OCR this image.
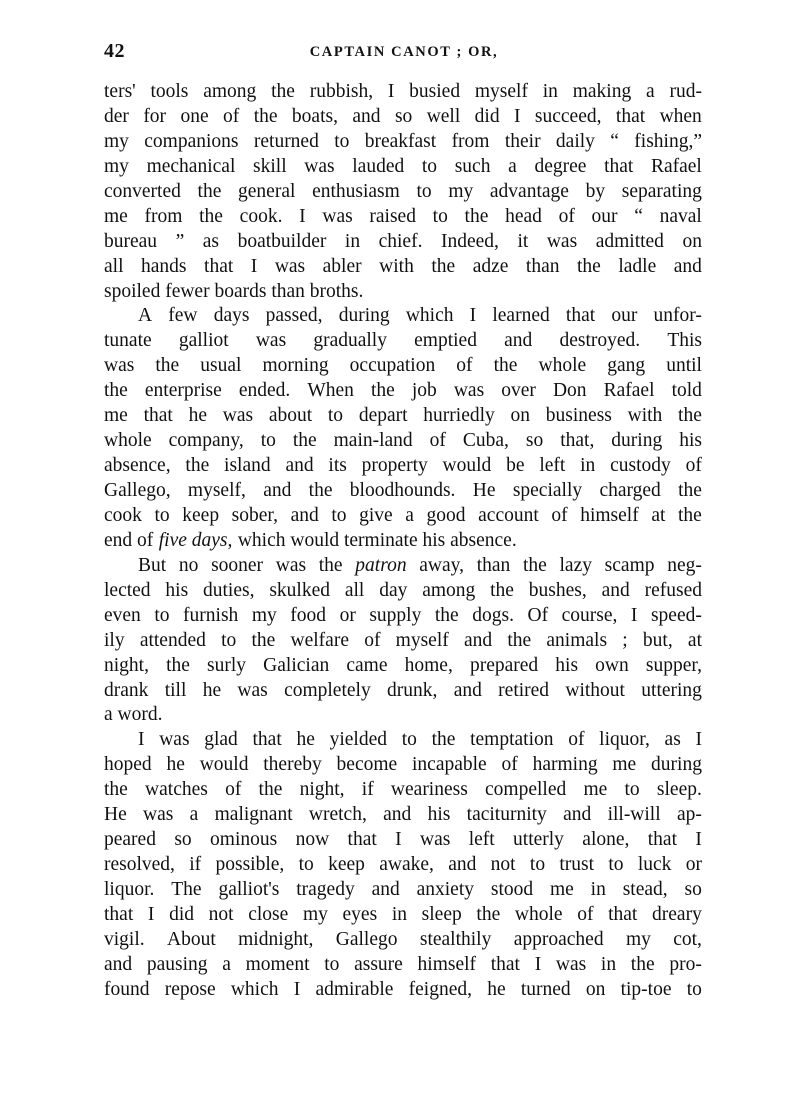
42	CAPTAIN CANOT ; OR,
ters' tools among the rubbish, I busied myself in making a rud-
der for one of the boats, and so well did I succeed, that when
my companions returned to breakfast from their daily “ fishing,”
my mechanical skill was lauded to such a degree that Rafael
converted the general enthusiasm to my advantage by separating
me from the cook. I was raised to the head of our “ naval
bureau ” as boatbuilder in chief. Indeed, it was admitted on
all hands that I was abler with the adze than the ladle and
spoiled fewer boards than broths.
A few days passed, during which I learned that our unfor-
tunate galliot was gradually emptied and destroyed. This
was the usual morning occupation of the whole gang until
the enterprise ended. When the job was over Don Rafael told
me that he was about to depart hurriedly on business with the
whole company, to the main-land of Cuba, so that, during his
absence, the island and its property would be left in custody of
Gallego, myself, and the bloodhounds. He specially charged the
cook to keep sober, and to give a good account of himself at the
end of five days, which would terminate his absence.
But no sooner was the patron away, than the lazy scamp neg-
lected his duties, skulked all day among the bushes, and refused
even to furnish my food or supply the dogs. Of course, I speed-
ily attended to the welfare of myself and the animals ; but, at
night, the surly Galician came home, prepared his own supper,
drank till he was completely drunk, and retired without uttering
a word.
I was glad that he yielded to the temptation of liquor, as I
hoped he would thereby become incapable of harming me during
the watches of the night, if weariness compelled me to sleep.
He was a malignant wretch, and his taciturnity and ill-will ap-
peared so ominous now that I was left utterly alone, that I
resolved, if possible, to keep awake, and not to trust to luck or
liquor. The galliot's tragedy and anxiety stood me in stead, so
that I did not close my eyes in sleep the whole of that dreary
vigil. About midnight, Gallego stealthily approached my cot,
and pausing a moment to assure himself that I was in the pro-
found repose which I admirable feigned, he turned on tip-toe to
